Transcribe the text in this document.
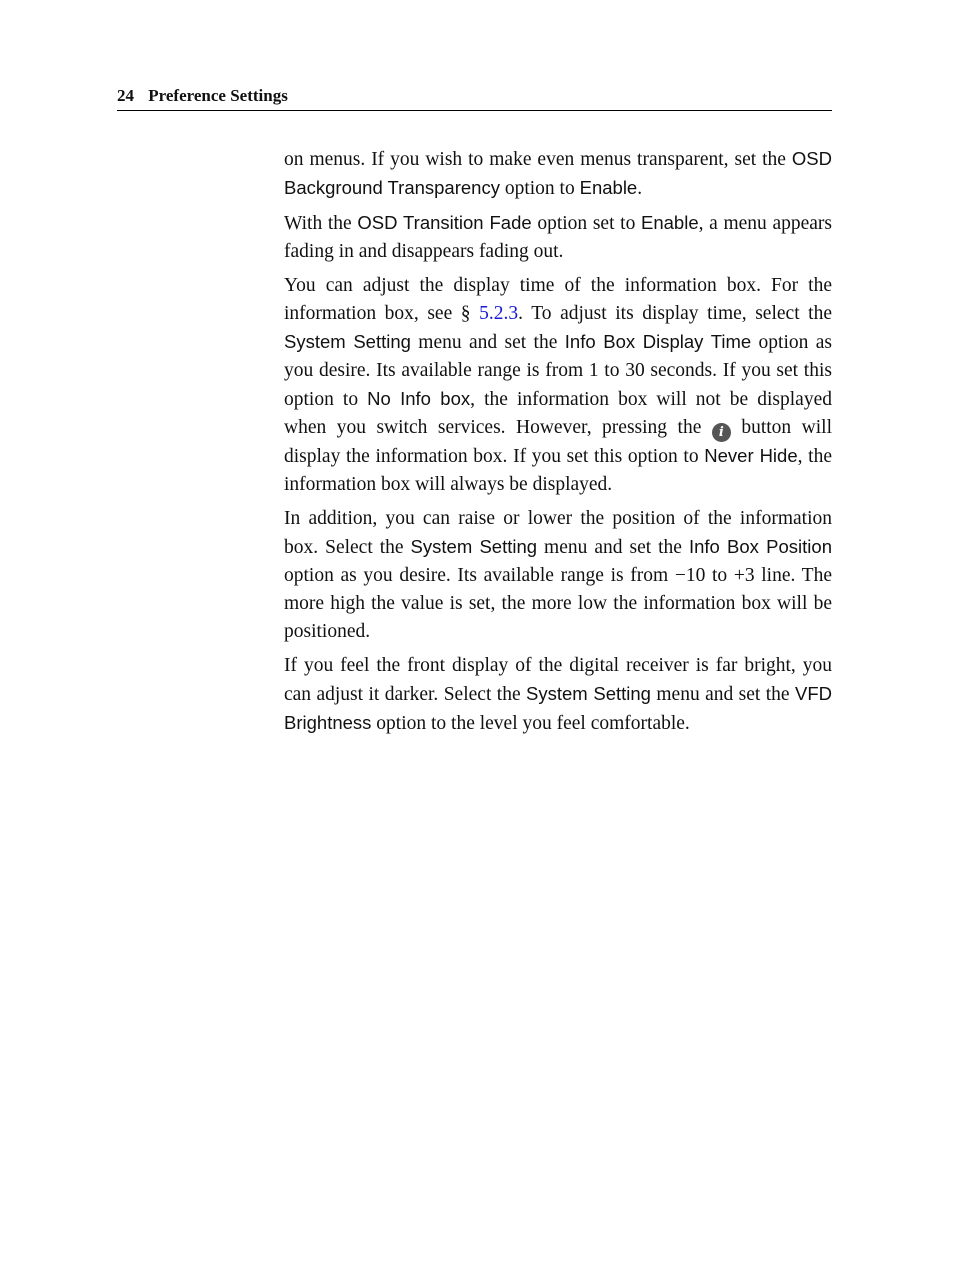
24 Preference Settings

on menus. If you wish to make even menus transparent, set the OSD Background Transparency option to Enable.

With the OSD Transition Fade option set to Enable, a menu appears fading in and disappears fading out.

You can adjust the display time of the information box. For the information box, see § 5.2.3. To adjust its display time, select the System Setting menu and set the Info Box Display Time option as you desire. Its available range is from 1 to 30 seconds. If you set this option to No Info box, the information box will not be displayed when you switch services. However, pressing the i button will display the information box. If you set this option to Never Hide, the information box will always be displayed.

In addition, you can raise or lower the position of the information box. Select the System Setting menu and set the Info Box Position option as you desire. Its available range is from −10 to +3 line. The more high the value is set, the more low the information box will be positioned.

If you feel the front display of the digital receiver is far bright, you can adjust it darker. Select the System Setting menu and set the VFD Brightness option to the level you feel comfortable.
